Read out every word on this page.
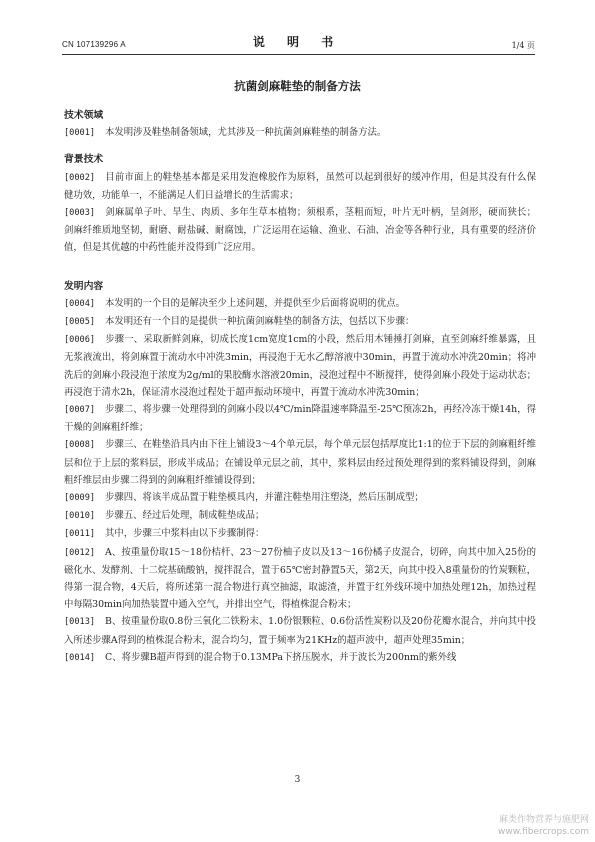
CN 107139296 A	说 明 书	1/4 页
抗菌剑麻鞋垫的制备方法
技术领域
[0001] 本发明涉及鞋垫制备领域，尤其涉及一种抗菌剑麻鞋垫的制备方法。
背景技术
[0002] 目前市面上的鞋垫基本都是采用发泡橡胶作为原料，虽然可以起到很好的缓冲作用，但是其没有什么保健功效，功能单一，不能满足人们日益增长的生活需求；
[0003] 剑麻属单子叶、旱生、肉质、多年生草本植物；须根系，茎粗而短，叶片无叶柄，呈剑形，硬而狭长；剑麻纤维质地坚韧，耐磨、耐盐碱、耐腐蚀，广泛运用在运输、渔业、石油、冶金等各种行业，具有重要的经济价值，但是其优越的中药性能并没得到广泛应用。
发明内容
[0004] 本发明的一个目的是解决至少上述问题，并提供至少后面将说明的优点。
[0005] 本发明还有一个目的是提供一种抗菌剑麻鞋垫的制备方法，包括以下步骤：
[0006] 步骤一、采取新鲜剑麻，切成长度1cm宽度1cm的小段，然后用木锤捶打剑麻，直至剑麻纤维暴露，且无浆液流出，将剑麻置于流动水中冲洗3min，再浸泡于无水乙醇溶液中30min，再置于流动水冲洗20min；将冲洗后的剑麻小段浸泡于浓度为2g/ml的果胶酶水溶液20min，浸泡过程中不断搅拌，使得剑麻小段处于运动状态；再浸泡于清水2h，保证清水浸泡过程处于超声振动环境中，再置于流动水冲洗30min；
[0007] 步骤二、将步骤一处理得到的剑麻小段以4℃/min降温速率降温至-25℃预冻2h，再经冷冻干燥14h，得干燥的剑麻粗纤维；
[0008] 步骤三、在鞋垫沿具内由下往上铺设3～4个单元层，每个单元层包括厚度比1:1的位于下层的剑麻粗纤维层和位于上层的浆料层，形成半成品；在铺设单元层之前，其中，浆料层由经过预处理得到的浆料铺设得到，剑麻粗纤维层由步骤二得到的剑麻粗纤维铺设得到；
[0009] 步骤四、将该半成品置于鞋垫模具内，并灌注鞋垫用注塑浇，然后压制成型；
[0010] 步骤五、经过后处理，制成鞋垫成品；
[0011] 其中，步骤三中浆料由以下步骤制得：
[0012] A、按重量份取15～18份桔杆、23～27份柚子皮以及13～16份橘子皮混合，切碎，向其中加入25份的磁化水、发酵剂、十二烷基硫酸钠，搅拌混合，置于65℃密封静置5天，第2天，向其中投入8重量份的竹炭颗粒，得第一混合物，4天后，将所述第一混合物进行真空抽滤，取滤渣，并置于红外线环境中加热处理12h，加热过程中每隔30min向加热装置中通入空气，并排出空气，得植株混合粉末；
[0013] B、按重量份取0.8份三氧化二铁粉末、1.0份银颗粒、0.6份活性炭粉以及20份花瓣水混合，并向其中投入所述步骤A得到的植株混合粉末，混合均匀，置于频率为21KHz的超声波中，超声处理35min；
[0014] C、将步骤B超声得到的混合物于0.13MPa下挤压脱水，并于波长为200nm的紫外线
3
麻类作物营养与施肥网
www.fibercrops.com
